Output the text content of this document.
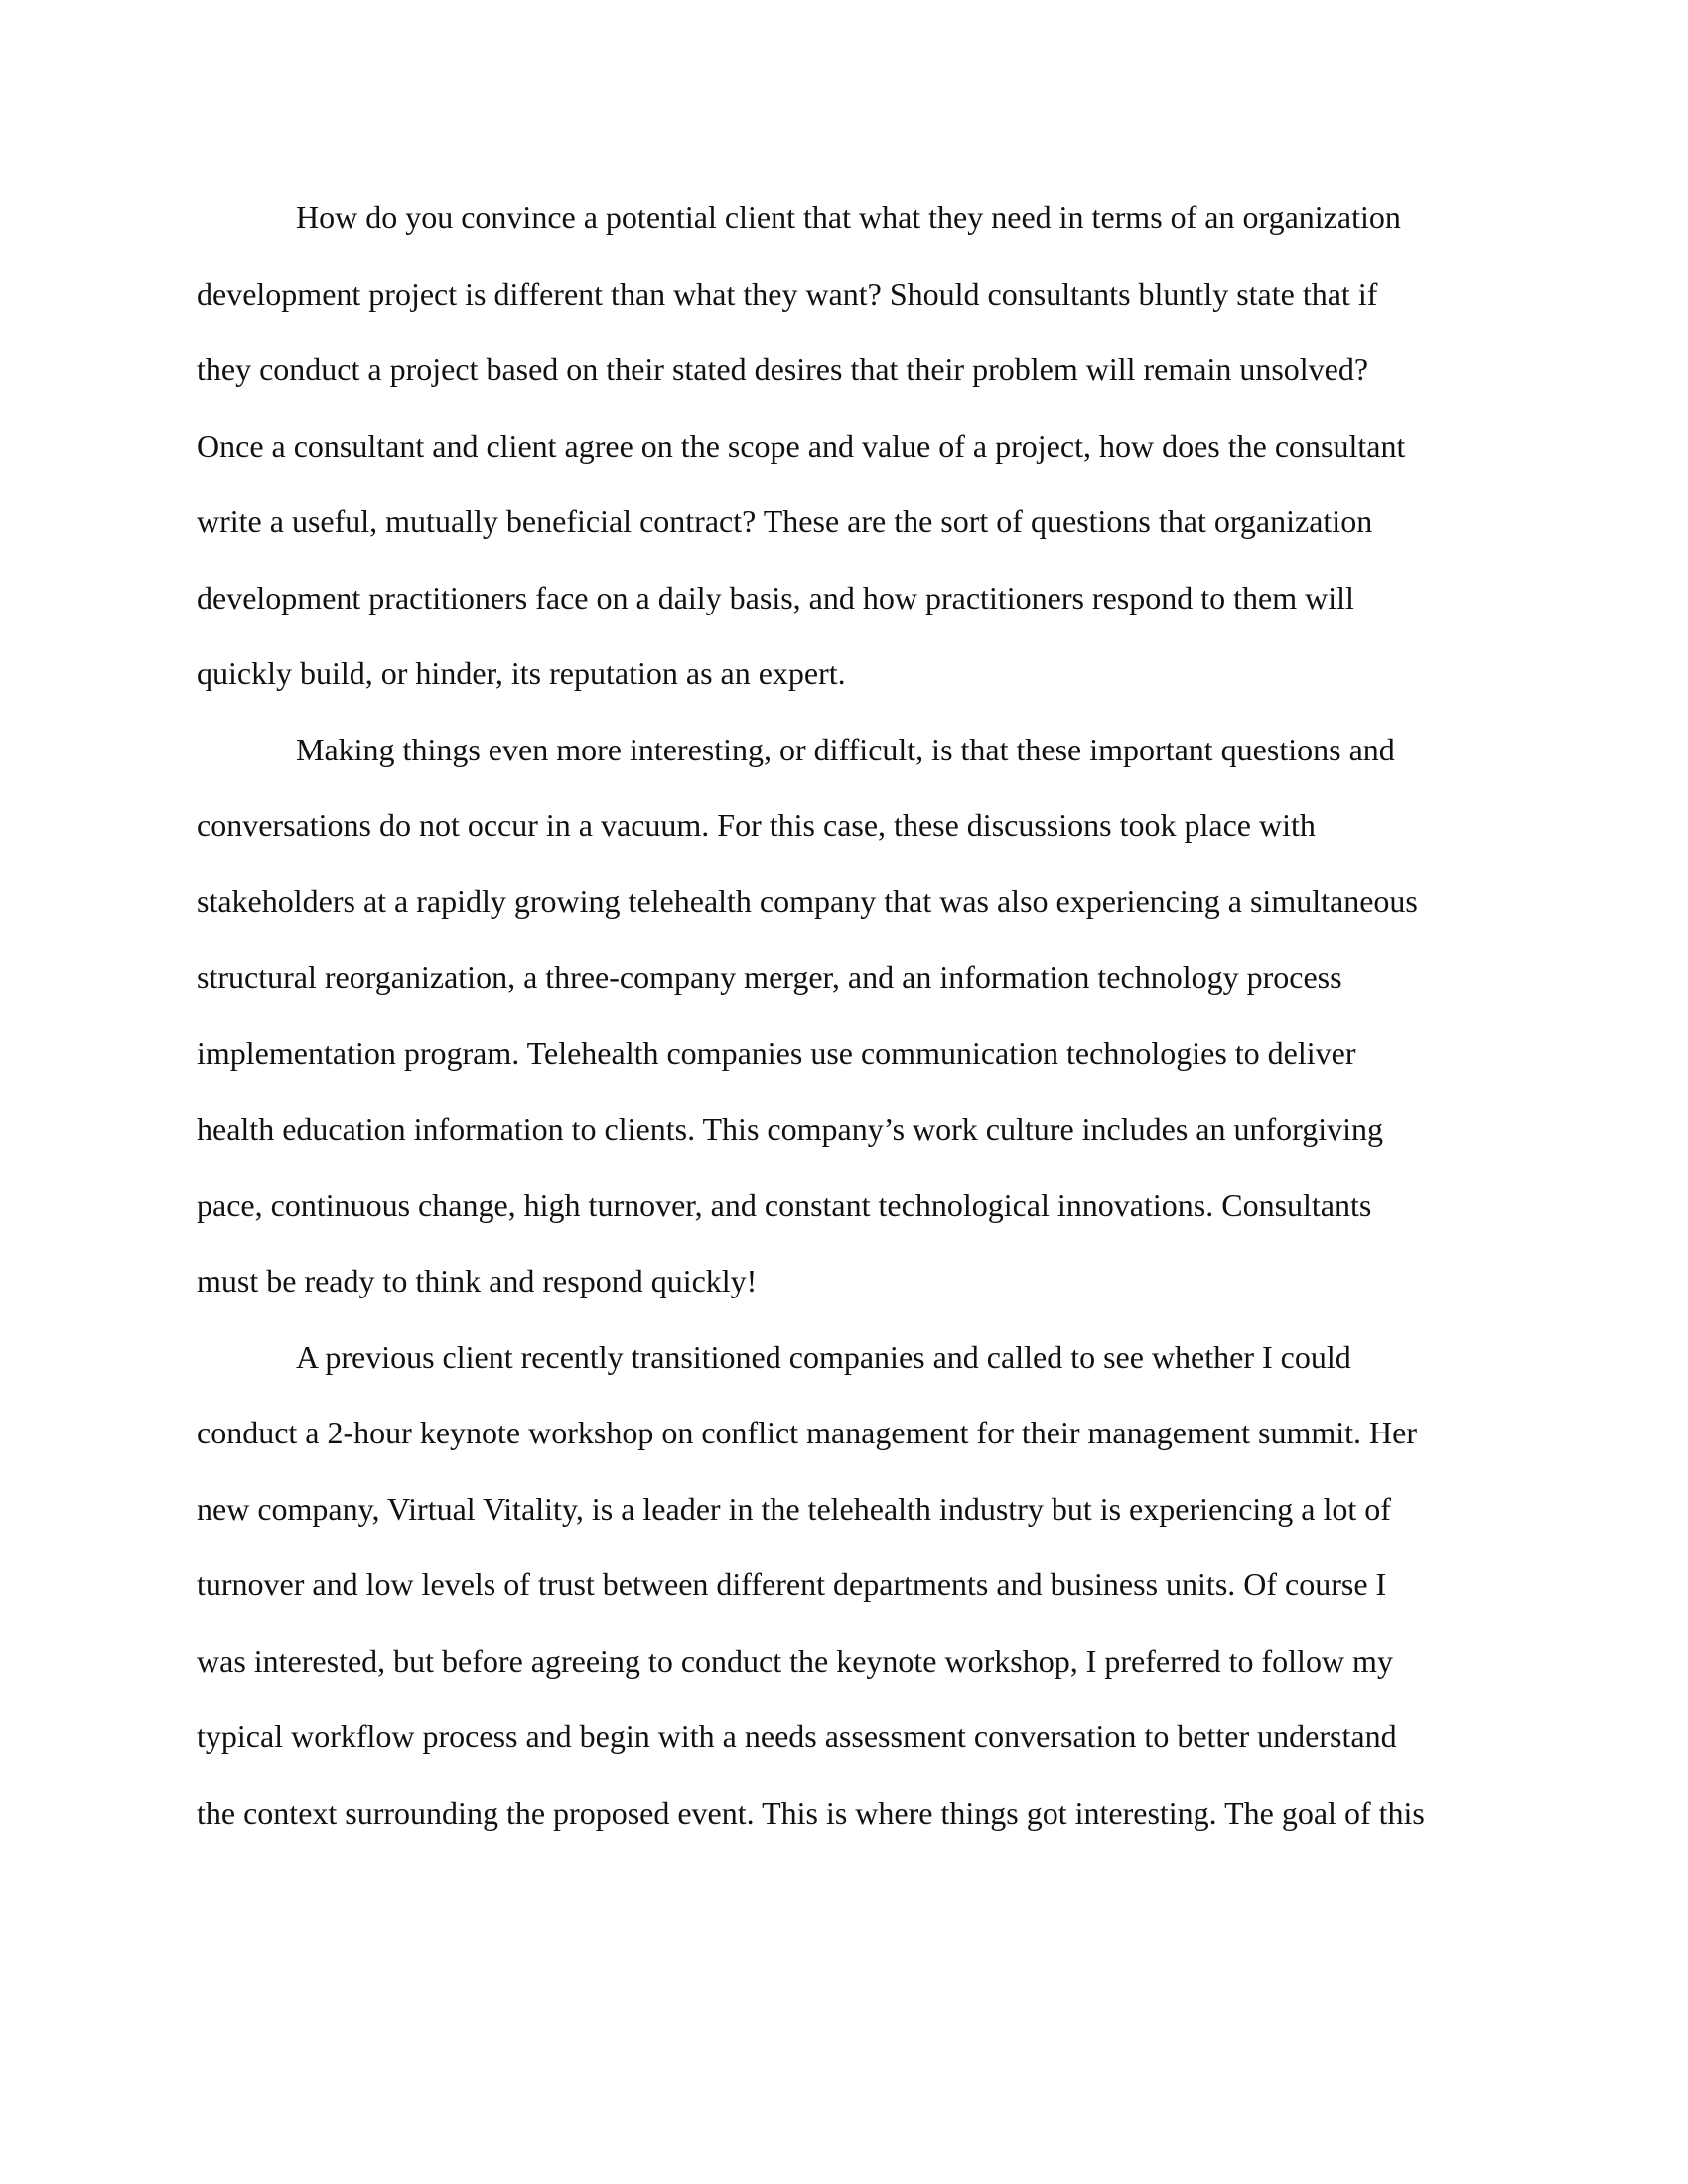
How do you convince a potential client that what they need in terms of an organization
development project is different than what they want? Should consultants bluntly state that if
they conduct a project based on their stated desires that their problem will remain unsolved?
Once a consultant and client agree on the scope and value of a project, how does the consultant
write a useful, mutually beneficial contract? These are the sort of questions that organization
development practitioners face on a daily basis, and how practitioners respond to them will
quickly build, or hinder, its reputation as an expert.
Making things even more interesting, or difficult, is that these important questions and
conversations do not occur in a vacuum. For this case, these discussions took place with
stakeholders at a rapidly growing telehealth company that was also experiencing a simultaneous
structural reorganization, a three-company merger, and an information technology process
implementation program. Telehealth companies use communication technologies to deliver
health education information to clients. This company’s work culture includes an unforgiving
pace, continuous change, high turnover, and constant technological innovations. Consultants
must be ready to think and respond quickly!
A previous client recently transitioned companies and called to see whether I could
conduct a 2-hour keynote workshop on conflict management for their management summit. Her
new company, Virtual Vitality, is a leader in the telehealth industry but is experiencing a lot of
turnover and low levels of trust between different departments and business units. Of course I
was interested, but before agreeing to conduct the keynote workshop, I preferred to follow my
typical workflow process and begin with a needs assessment conversation to better understand
the context surrounding the proposed event. This is where things got interesting. The goal of this
